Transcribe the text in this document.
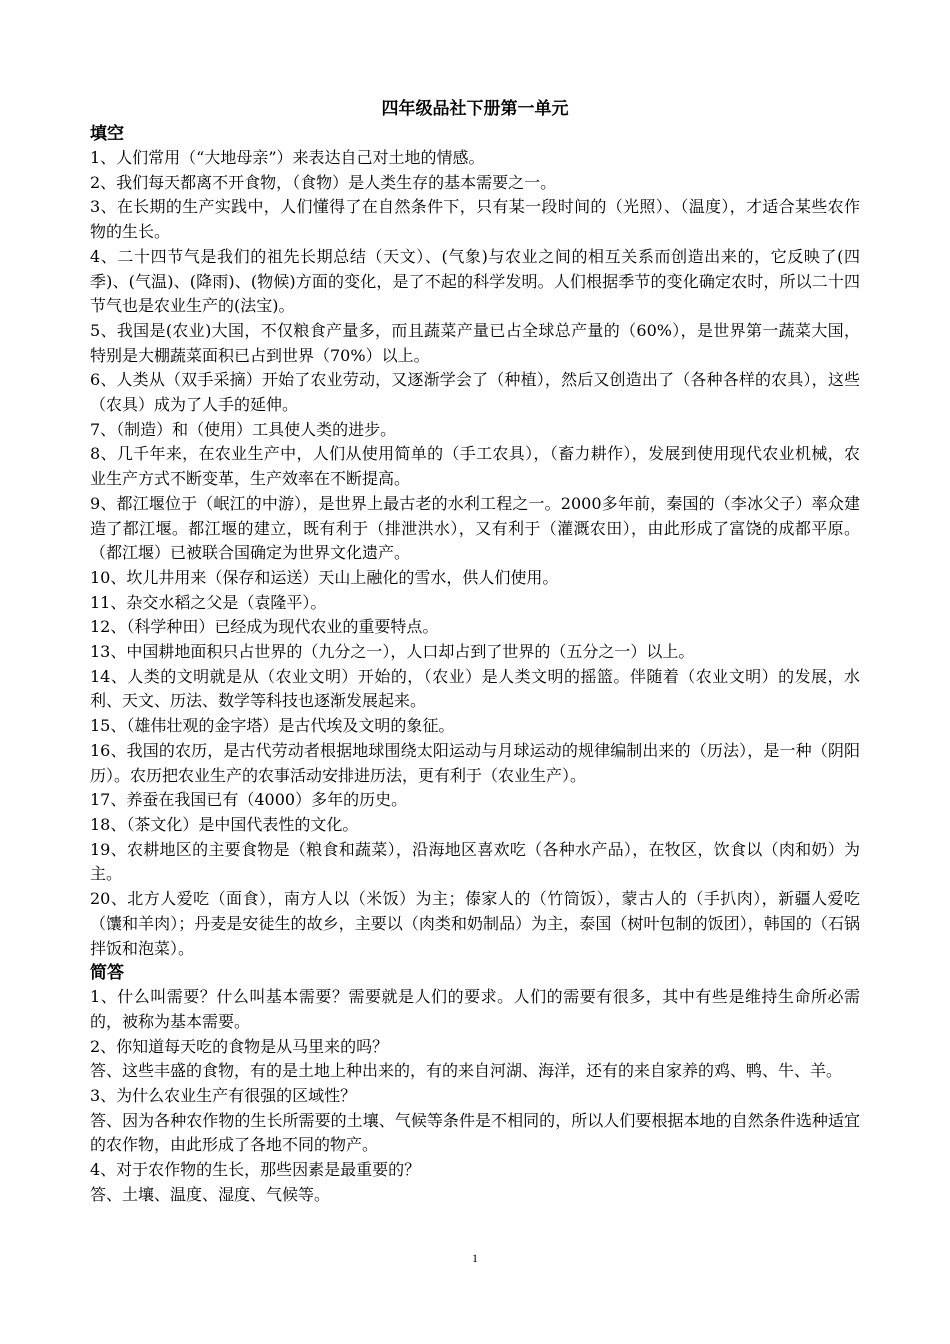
四年级品社下册第一单元
填空
1、人们常用（“大地母亲”）来表达自己对土地的情感。
2、我们每天都离不开食物，（食物）是人类生存的基本需要之一。
3、在长期的生产实践中，人们懂得了在自然条件下，只有某一段时间的（光照）、（温度），才适合某些农作物的生长。
4、二十四节气是我们的祖先长期总结（天文）、(气象)与农业之间的相互关系而创造出来的，它反映了(四季)、(气温)、(降雨)、(物候)方面的变化，是了不起的科学发明。人们根据季节的变化确定农时，所以二十四节气也是农业生产的(法宝)。
5、我国是(农业)大国，不仅粮食产量多，而且蔬菜产量已占全球总产量的（60%），是世界第一蔬菜大国，特别是大棚蔬菜面积已占到世界（70%）以上。
6、人类从（双手采摘）开始了农业劳动，又逐渐学会了（种植），然后又创造出了（各种各样的农具），这些（农具）成为了人手的延伸。
7、（制造）和（使用）工具使人类的进步。
8、几千年来，在农业生产中，人们从使用简单的（手工农具），（畜力耕作），发展到使用现代农业机械，农业生产方式不断变革，生产效率在不断提高。
9、都江堰位于（岷江的中游），是世界上最古老的水利工程之一。2000多年前，秦国的（李冰父子）率众建造了都江堰。都江堰的建立，既有利于（排泄洪水），又有利于（灌溉农田），由此形成了富饶的成都平原。（都江堰）已被联合国确定为世界文化遗产。
10、坎儿井用来（保存和运送）天山上融化的雪水，供人们使用。
11、杂交水稻之父是（袁隆平）。
12、（科学种田）已经成为现代农业的重要特点。
13、中国耕地面积只占世界的（九分之一），人口却占到了世界的（五分之一）以上。
14、人类的文明就是从（农业文明）开始的，（农业）是人类文明的摇篮。伴随着（农业文明）的发展，水利、天文、历法、数学等科技也逐渐发展起来。
15、（雄伟壮观的金字塔）是古代埃及文明的象征。
16、我国的农历，是古代劳动者根据地球围绕太阳运动与月球运动的规律编制出来的（历法），是一种（阴阳历）。农历把农业生产的农事活动安排进历法，更有利于（农业生产）。
17、养蚕在我国已有（4000）多年的历史。
18、（茶文化）是中国代表性的文化。
19、农耕地区的主要食物是（粮食和蔬菜），沿海地区喜欢吃（各种水产品），在牧区，饮食以（肉和奶）为主。
20、北方人爱吃（面食），南方人以（米饭）为主；傣家人的（竹筒饭），蒙古人的（手扒肉），新疆人爱吃（馕和羊肉）；丹麦是安徒生的故乡，主要以（肉类和奶制品）为主，泰国（树叶包制的饭团），韩国的（石锅拌饭和泡菜）。
简答
1、什么叫需要？什么叫基本需要？需要就是人们的要求。人们的需要有很多，其中有些是维持生命所必需的，被称为基本需要。
2、你知道每天吃的食物是从马里来的吗？
答、这些丰盛的食物，有的是土地上种出来的，有的来自河湖、海洋，还有的来自家养的鸡、鸭、牛、羊。
3、为什么农业生产有很强的区域性？
答、因为各种农作物的生长所需要的土壤、气候等条件是不相同的，所以人们要根据本地的自然条件选种适宜的农作物，由此形成了各地不同的物产。
4、对于农作物的生长，那些因素是最重要的？
答、土壤、温度、湿度、气候等。
1
